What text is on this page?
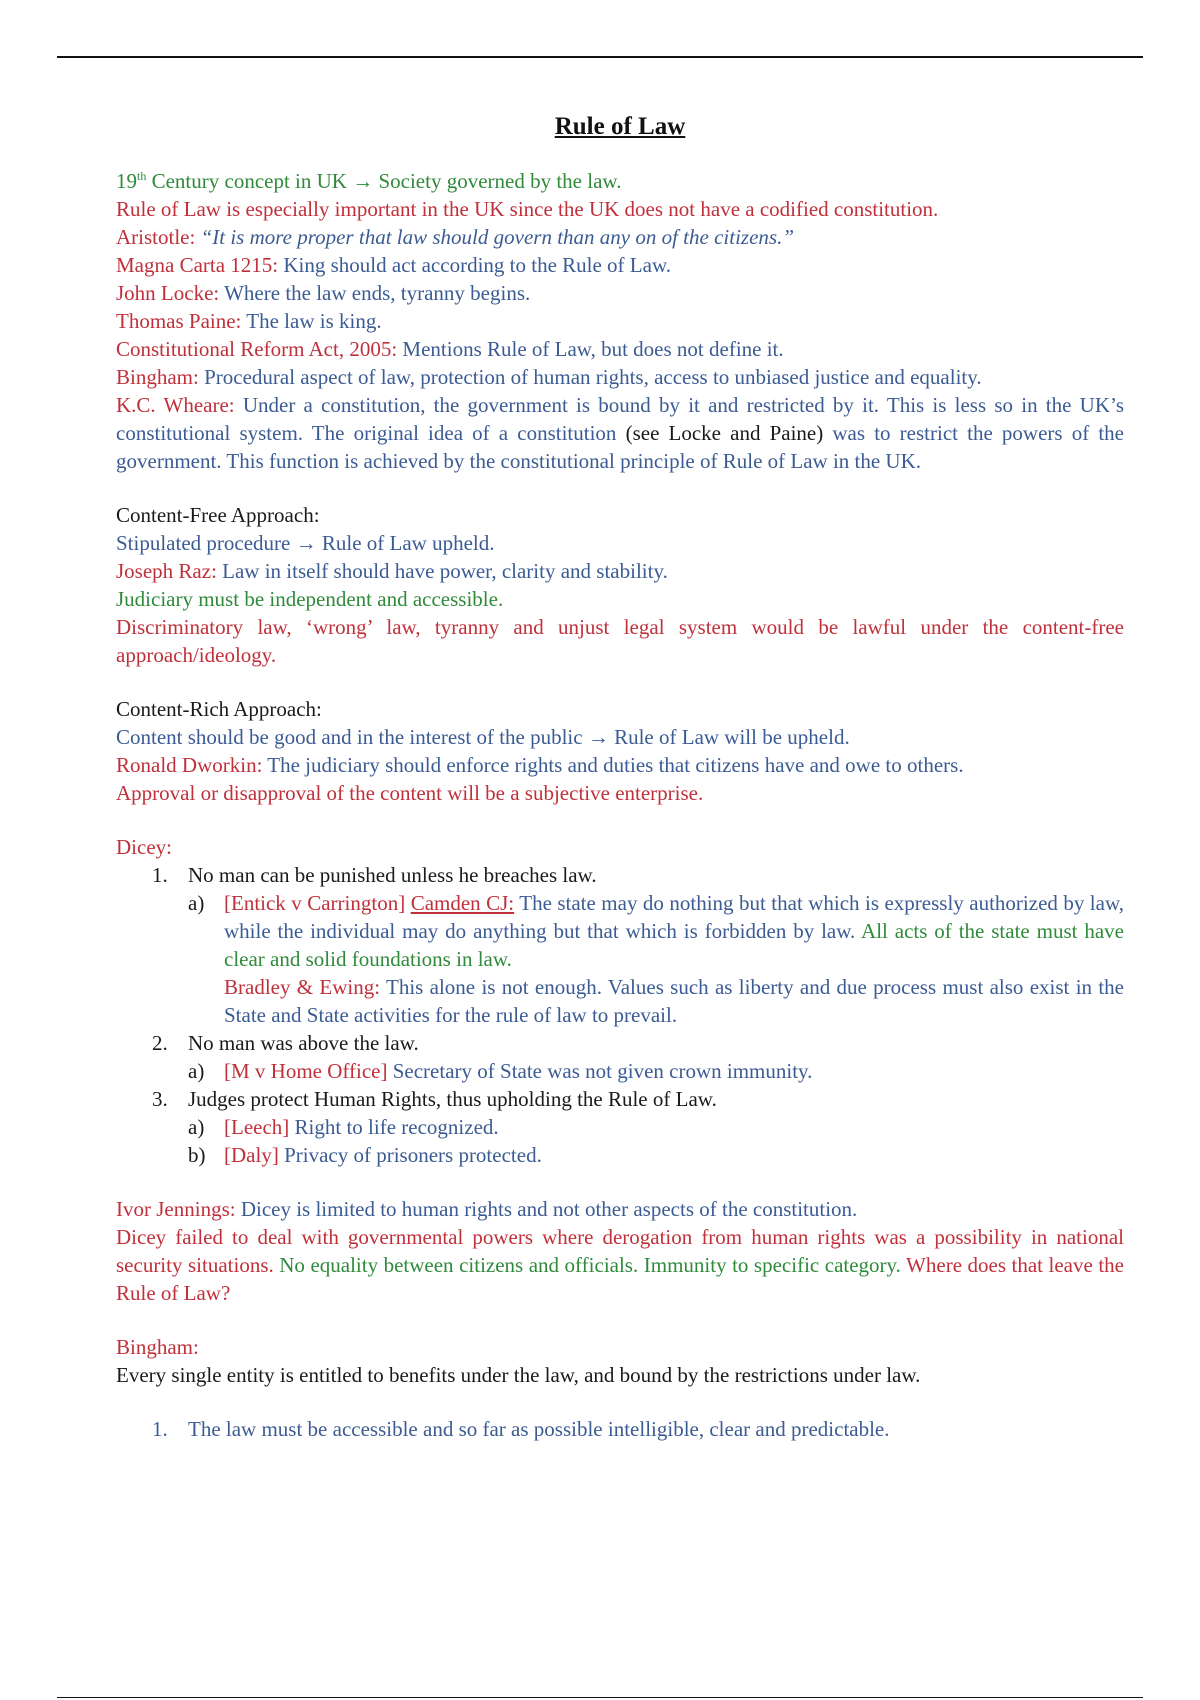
Rule of Law

19th Century concept in UK → Society governed by the law.

Rule of Law is especially important in the UK since the UK does not have a codified constitution.

Aristotle: “It is more proper that law should govern than any on of the citizens.”

Magna Carta 1215: King should act according to the Rule of Law.

John Locke: Where the law ends, tyranny begins.

Thomas Paine: The law is king.

Constitutional Reform Act, 2005: Mentions Rule of Law, but does not define it.

Bingham: Procedural aspect of law, protection of human rights, access to unbiased justice and equality.

K.C. Wheare: Under a constitution, the government is bound by it and restricted by it. This is less so in the UK’s constitutional system. The original idea of a constitution (see Locke and Paine) was to restrict the powers of the government. This function is achieved by the constitutional principle of Rule of Law in the UK.

Content-Free Approach:

Stipulated procedure → Rule of Law upheld.

Joseph Raz: Law in itself should have power, clarity and stability.

Judiciary must be independent and accessible.

Discriminatory law, ‘wrong’ law, tyranny and unjust legal system would be lawful under the content-free approach/ideology.

Content-Rich Approach:

Content should be good and in the interest of the public → Rule of Law will be upheld.

Ronald Dworkin: The judiciary should enforce rights and duties that citizens have and owe to others.

Approval or disapproval of the content will be a subjective enterprise.

Dicey:

1. No man can be punished unless he breaches law.
a) [Entick v Carrington] Camden CJ: The state may do nothing but that which is expressly authorized by law, while the individual may do anything but that which is forbidden by law. All acts of the state must have clear and solid foundations in law.
Bradley & Ewing: This alone is not enough. Values such as liberty and due process must also exist in the State and State activities for the rule of law to prevail.
2. No man was above the law.
a) [M v Home Office] Secretary of State was not given crown immunity.
3. Judges protect Human Rights, thus upholding the Rule of Law.
a) [Leech] Right to life recognized.
b) [Daly] Privacy of prisoners protected.

Ivor Jennings: Dicey is limited to human rights and not other aspects of the constitution.

Dicey failed to deal with governmental powers where derogation from human rights was a possibility in national security situations. No equality between citizens and officials. Immunity to specific category. Where does that leave the Rule of Law?

Bingham:

Every single entity is entitled to benefits under the law, and bound by the restrictions under law.

1. The law must be accessible and so far as possible intelligible, clear and predictable.
